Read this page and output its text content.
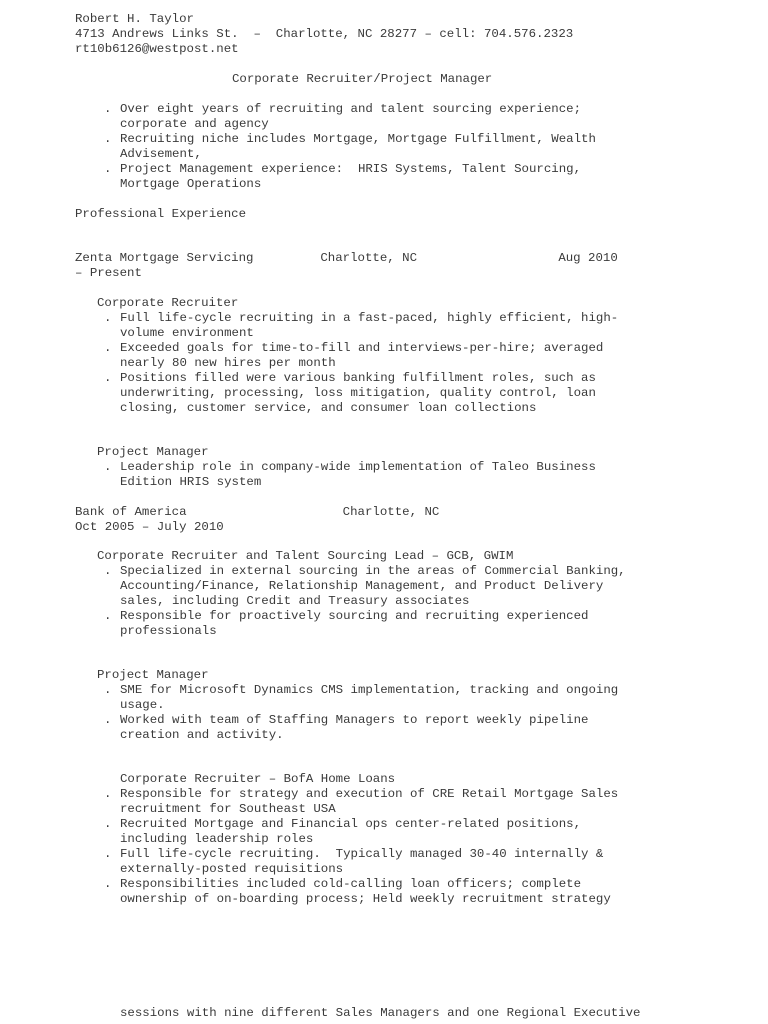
Robert H. Taylor
4713 Andrews Links St.  –  Charlotte, NC 28277 – cell: 704.576.2323
rt10b6126@westpost.net
Corporate Recruiter/Project Manager
. Over eight years of recruiting and talent sourcing experience;
corporate and agency
. Recruiting niche includes Mortgage, Mortgage Fulfillment, Wealth
Advisement,
. Project Management experience:  HRIS Systems, Talent Sourcing,
Mortgage Operations
Professional Experience
Zenta Mortgage Servicing         Charlotte, NC                   Aug 2010
– Present
Corporate Recruiter
. Full life-cycle recruiting in a fast-paced, highly efficient, high-
volume environment
. Exceeded goals for time-to-fill and interviews-per-hire; averaged
nearly 80 new hires per month
. Positions filled were various banking fulfillment roles, such as
underwriting, processing, loss mitigation, quality control, loan
closing, customer service, and consumer loan collections
Project Manager
. Leadership role in company-wide implementation of Taleo Business
Edition HRIS system
Bank of America                     Charlotte, NC
Oct 2005 – July 2010
Corporate Recruiter and Talent Sourcing Lead – GCB, GWIM
. Specialized in external sourcing in the areas of Commercial Banking,
Accounting/Finance, Relationship Management, and Product Delivery
sales, including Credit and Treasury associates
. Responsible for proactively sourcing and recruiting experienced
professionals
Project Manager
. SME for Microsoft Dynamics CMS implementation, tracking and ongoing
usage.
. Worked with team of Staffing Managers to report weekly pipeline
creation and activity.
Corporate Recruiter – BofA Home Loans
. Responsible for strategy and execution of CRE Retail Mortgage Sales
recruitment for Southeast USA
. Recruited Mortgage and Financial ops center-related positions,
including leadership roles
. Full life-cycle recruiting.  Typically managed 30-40 internally &
externally-posted requisitions
. Responsibilities included cold-calling loan officers; complete
ownership of on-boarding process; Held weekly recruitment strategy
sessions with nine different Sales Managers and one Regional Executive
